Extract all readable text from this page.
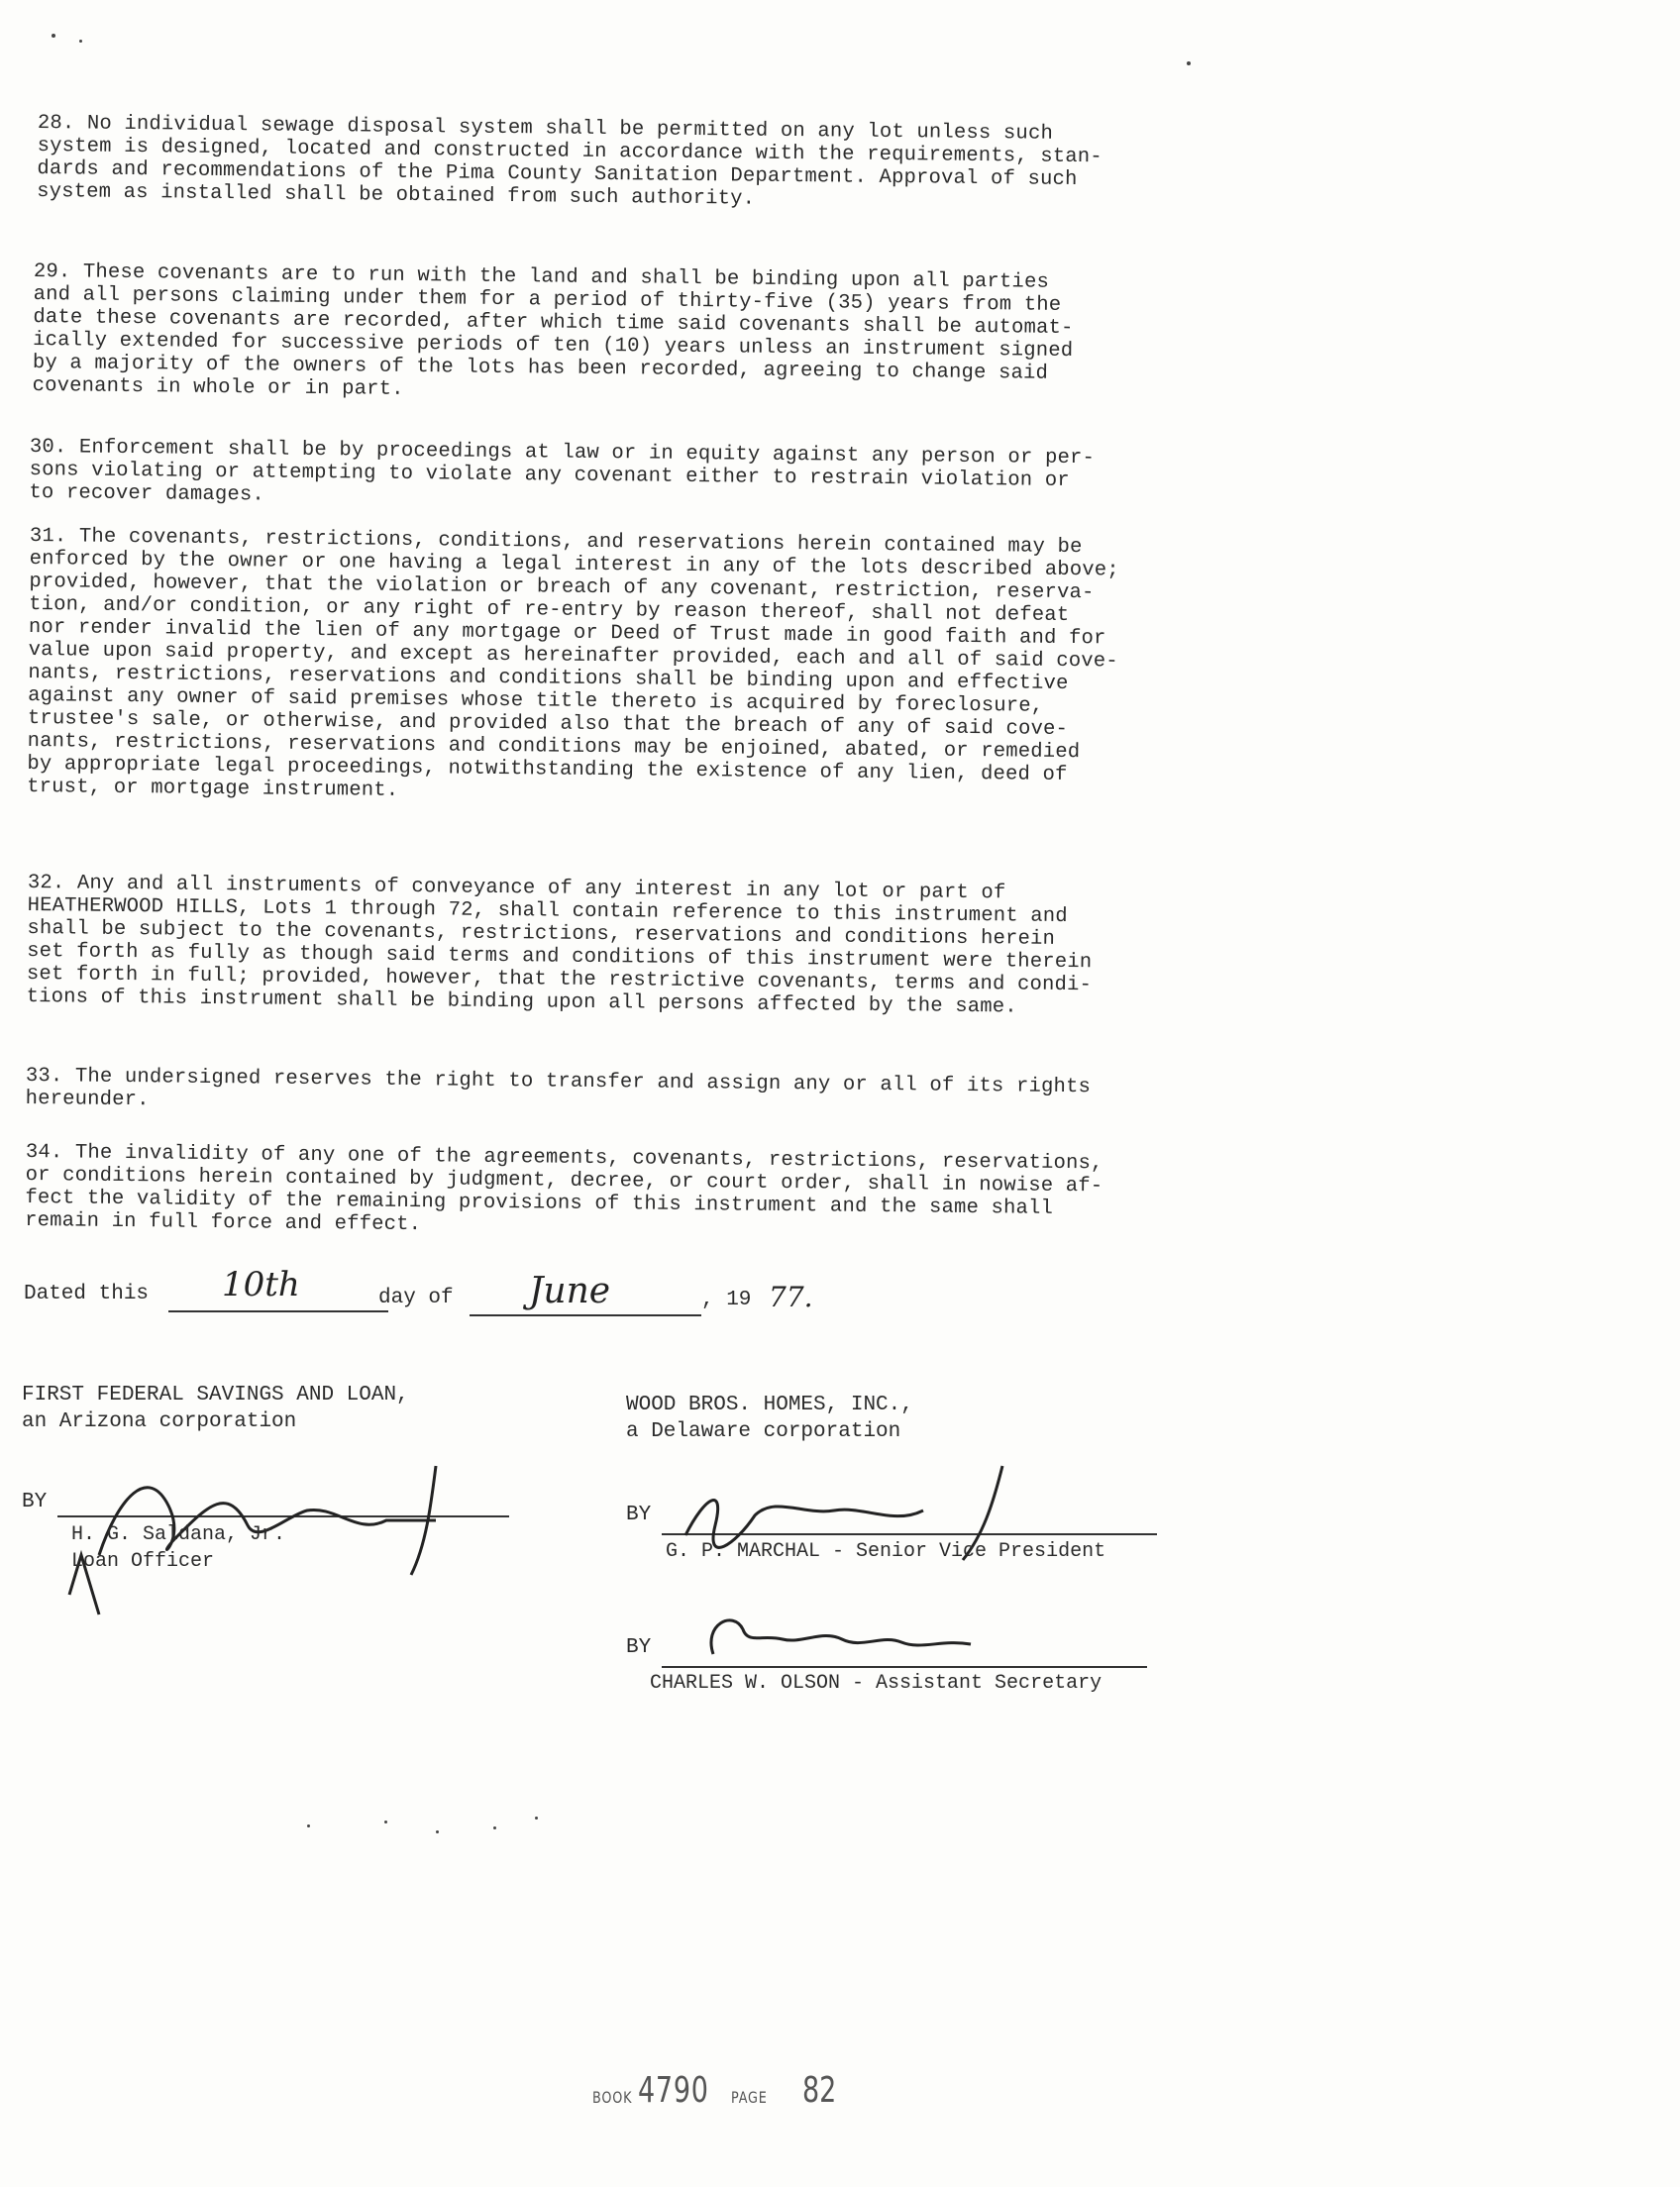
28. No individual sewage disposal system shall be permitted on any lot unless such
system is designed, located and constructed in accordance with the requirements, stan-
dards and recommendations of the Pima County Sanitation Department. Approval of such
system as installed shall be obtained from such authority.
29. These covenants are to run with the land and shall be binding upon all parties
and all persons claiming under them for a period of thirty-five (35) years from the
date these covenants are recorded, after which time said covenants shall be automat-
ically extended for successive periods of ten (10) years unless an instrument signed
by a majority of the owners of the lots has been recorded, agreeing to change said
covenants in whole or in part.
30. Enforcement shall be by proceedings at law or in equity against any person or per-
sons violating or attempting to violate any covenant either to restrain violation or
to recover damages.
31. The covenants, restrictions, conditions, and reservations herein contained may be
enforced by the owner or one having a legal interest in any of the lots described above;
provided, however, that the violation or breach of any covenant, restriction, reserva-
tion, and/or condition, or any right of re-entry by reason thereof, shall not defeat
nor render invalid the lien of any mortgage or Deed of Trust made in good faith and for
value upon said property, and except as hereinafter provided, each and all of said cove-
nants, restrictions, reservations and conditions shall be binding upon and effective
against any owner of said premises whose title thereto is acquired by foreclosure,
trustee's sale, or otherwise, and provided also that the breach of any of said cove-
nants, restrictions, reservations and conditions may be enjoined, abated, or remedied
by appropriate legal proceedings, notwithstanding the existence of any lien, deed of
trust, or mortgage instrument.
32. Any and all instruments of conveyance of any interest in any lot or part of
HEATHERWOOD HILLS, Lots 1 through 72, shall contain reference to this instrument and
shall be subject to the covenants, restrictions, reservations and conditions herein
set forth as fully as though said terms and conditions of this instrument were therein
set forth in full; provided, however, that the restrictive covenants, terms and condi-
tions of this instrument shall be binding upon all persons affected by the same.
33. The undersigned reserves the right to transfer and assign any or all of its rights
hereunder.
34. The invalidity of any one of the agreements, covenants, restrictions, reservations,
or conditions herein contained by judgment, decree, or court order, shall in nowise af-
fect the validity of the remaining provisions of this instrument and the same shall
remain in full force and effect.
Dated this 10th	day of June	, 19 77.
FIRST FEDERAL SAVINGS AND LOAN,
an Arizona corporation
BY
H. G. Saldana, Jr.
Loan Officer
WOOD BROS. HOMES, INC.,
a Delaware corporation
BY
G. P. MARCHAL - Senior Vice President
BY
CHARLES W. OLSON - Assistant Secretary
BOOK 4790 PAGE 82
